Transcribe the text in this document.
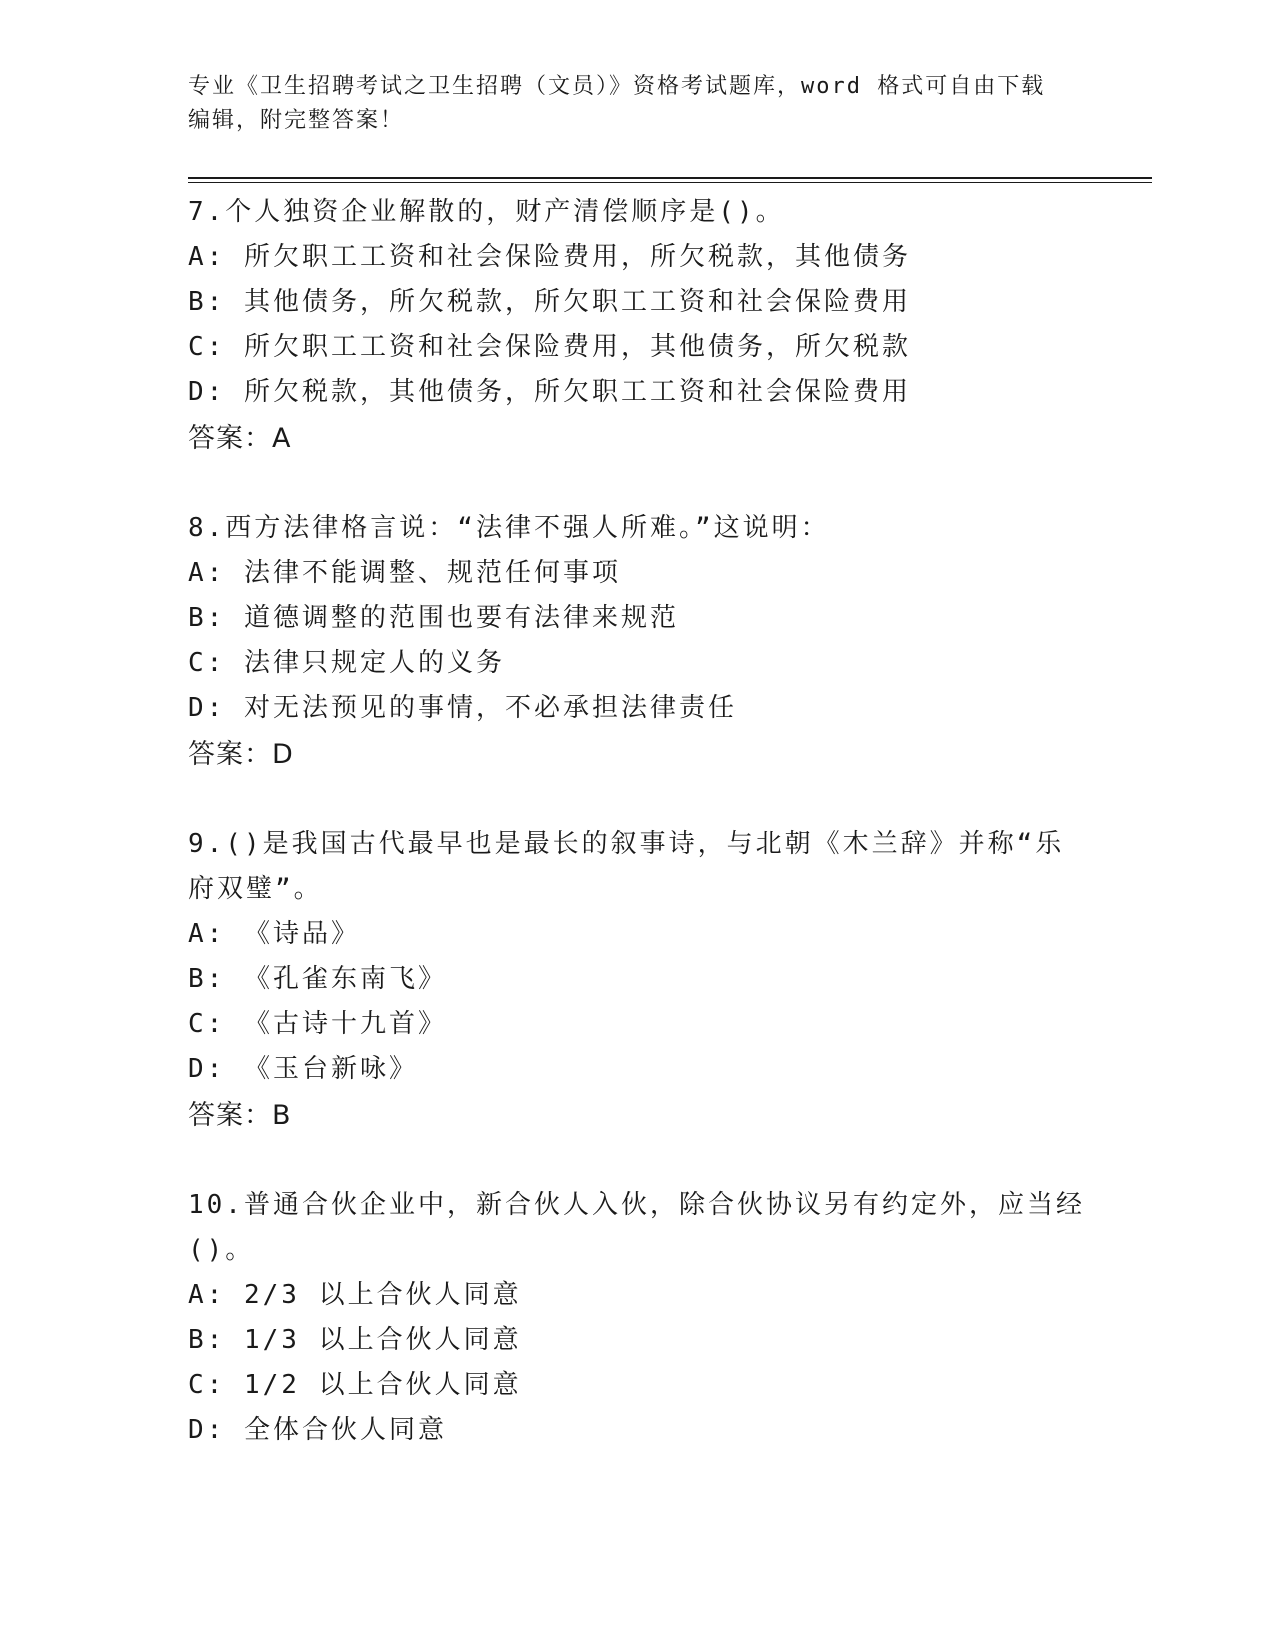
专业《卫生招聘考试之卫生招聘（文员）》资格考试题库，word 格式可自由下载
编辑，附完整答案！
7.个人独资企业解散的，财产清偿顺序是()。
A: 所欠职工工资和社会保险费用，所欠税款，其他债务
B: 其他债务，所欠税款，所欠职工工资和社会保险费用
C: 所欠职工工资和社会保险费用，其他债务，所欠税款
D: 所欠税款，其他债务，所欠职工工资和社会保险费用
答案：A
8.西方法律格言说：“法律不强人所难。”这说明：
A: 法律不能调整、规范任何事项
B: 道德调整的范围也要有法律来规范
C: 法律只规定人的义务
D: 对无法预见的事情，不必承担法律责任
答案：D
9.()是我国古代最早也是最长的叙事诗，与北朝《木兰辞》并称“乐
府双璧”。
A: 《诗品》
B: 《孔雀东南飞》
C: 《古诗十九首》
D: 《玉台新咏》
答案：B
10.普通合伙企业中，新合伙人入伙，除合伙协议另有约定外，应当经
()。
A: 2/3 以上合伙人同意
B: 1/3 以上合伙人同意
C: 1/2 以上合伙人同意
D: 全体合伙人同意
